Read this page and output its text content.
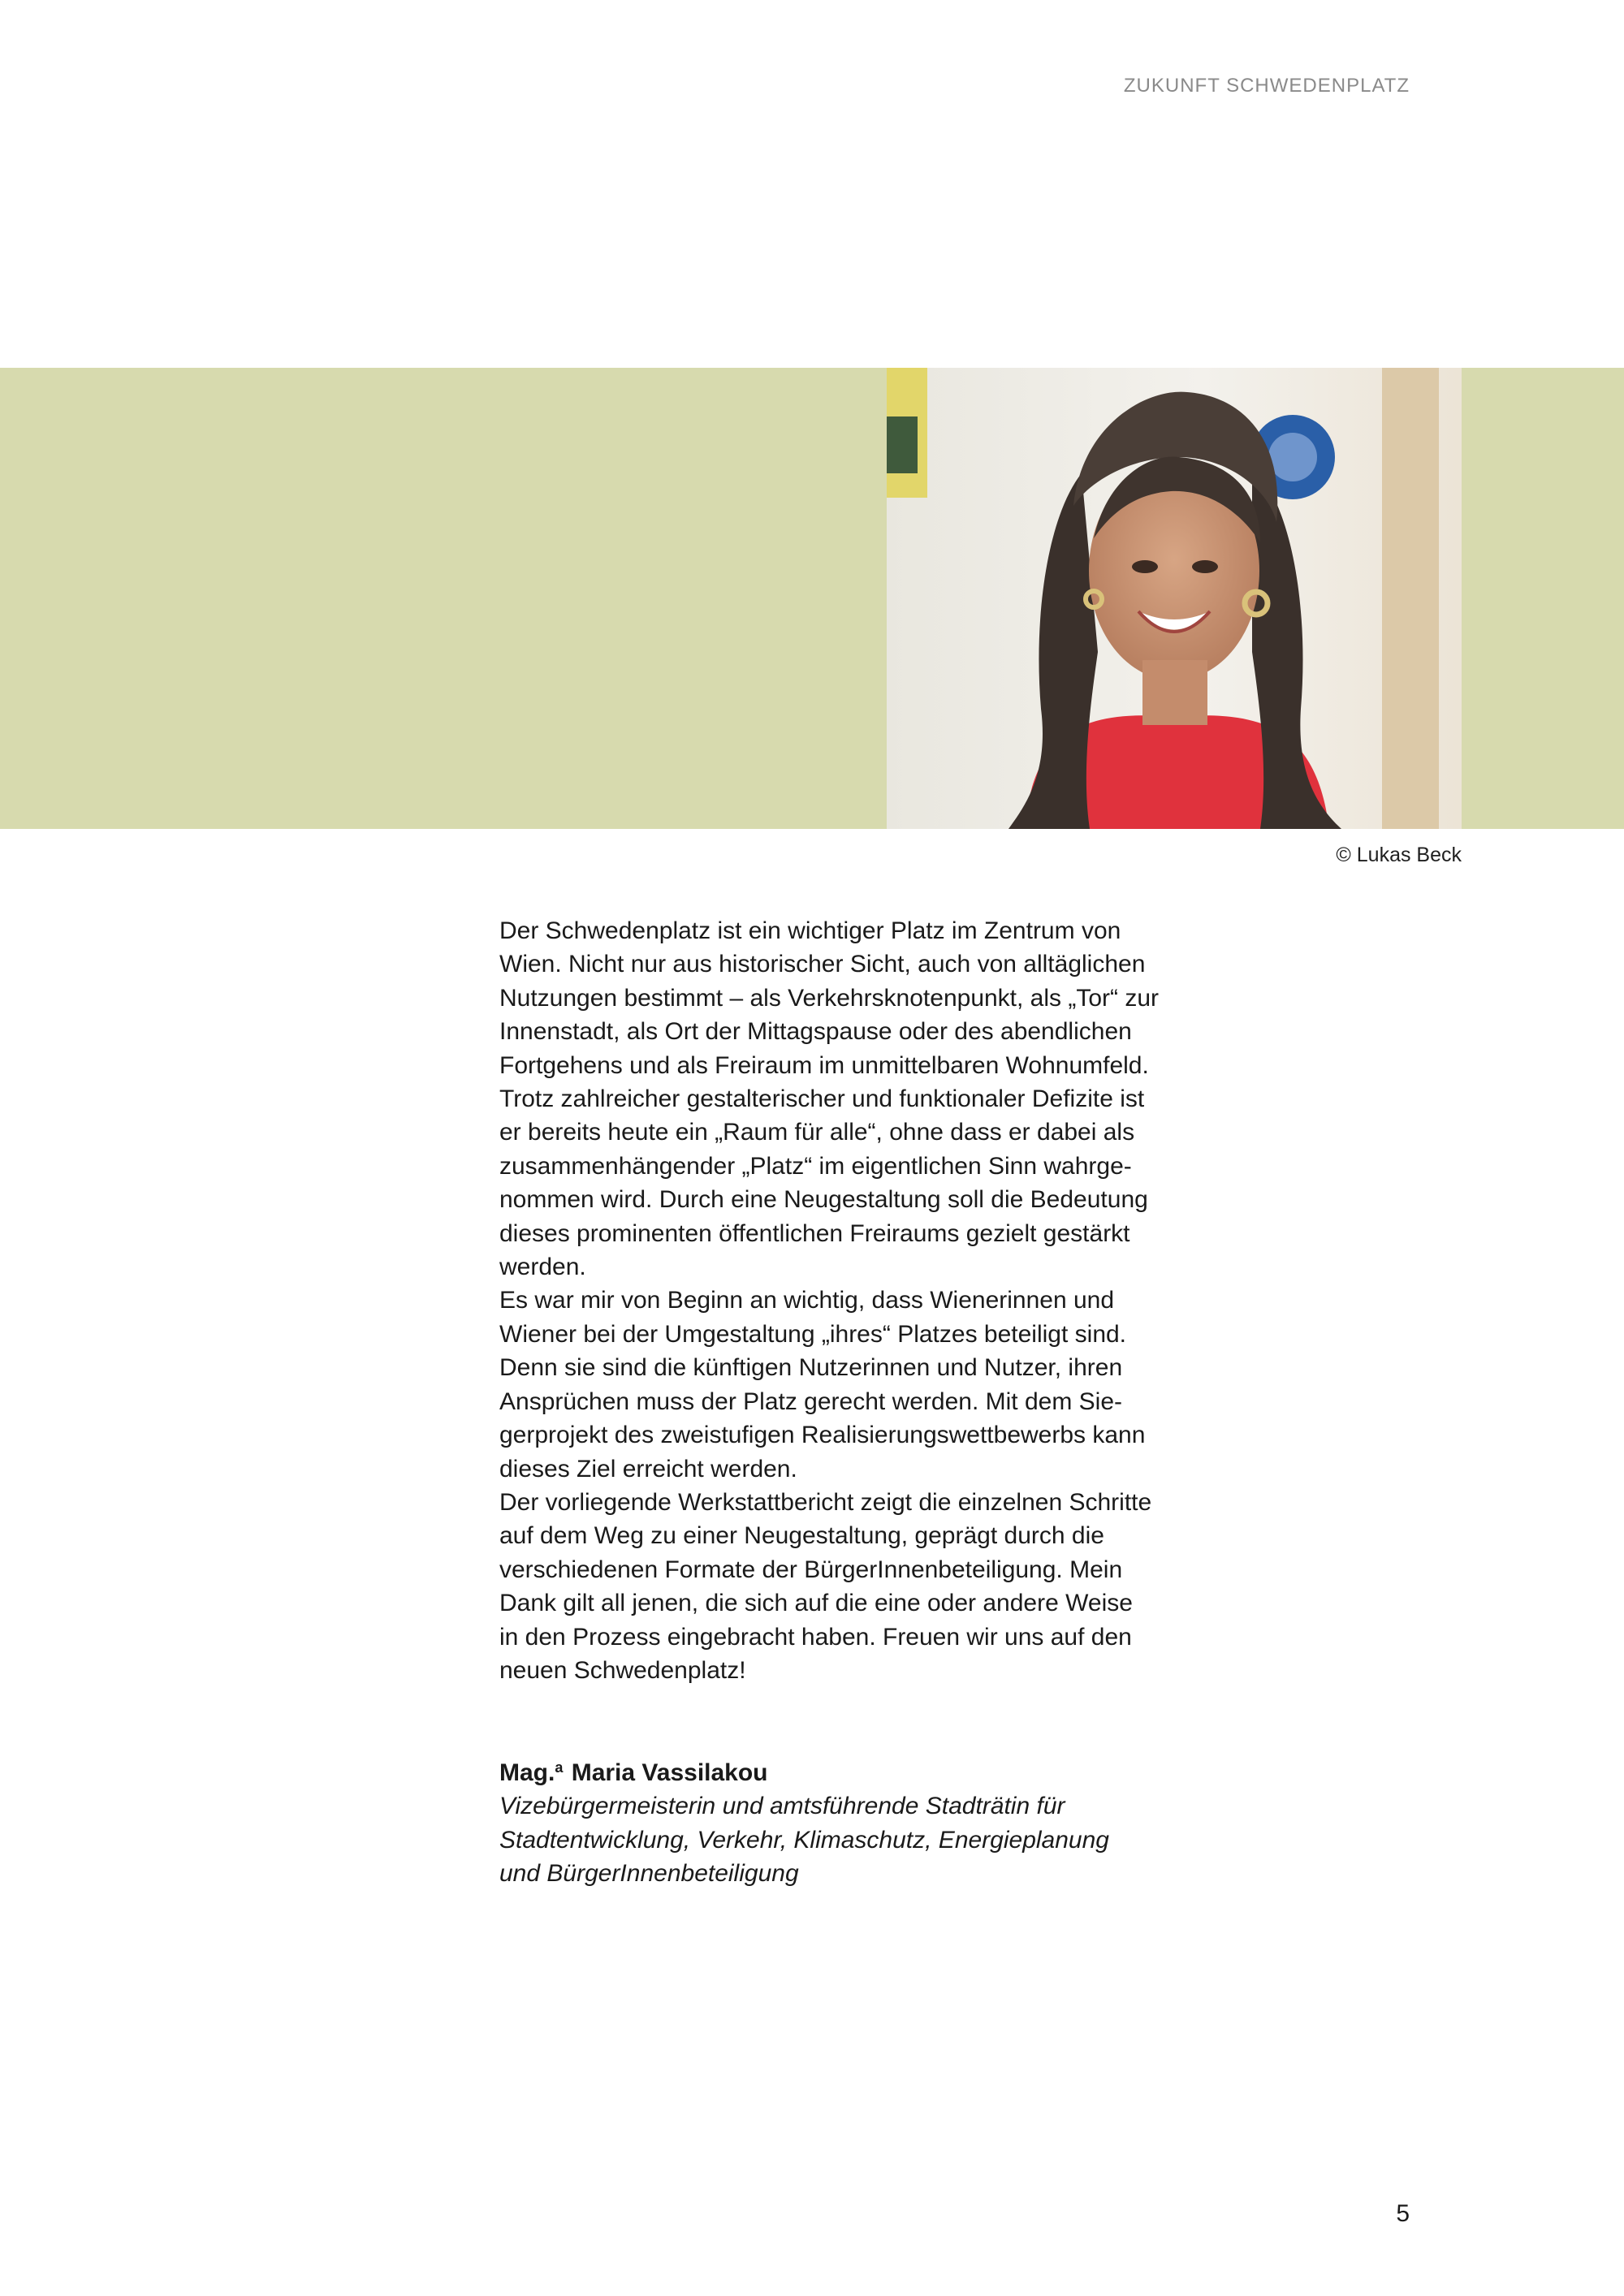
ZUKUNFT SCHWEDENPLATZ
© Lukas Beck
Der Schwedenplatz ist ein wichtiger Platz im Zentrum von
Wien. Nicht nur aus historischer Sicht, auch von alltäglichen
Nutzungen bestimmt – als Verkehrsknotenpunkt, als „Tor“ zur
Innenstadt, als Ort der Mittagspause oder des abendlichen
Fortgehens und als Freiraum im unmittelbaren Wohnumfeld.
Trotz zahlreicher gestalterischer und funktionaler Defizite ist
er bereits heute ein „Raum für alle“, ohne dass er dabei als
zusammenhängender „Platz“ im eigentlichen Sinn wahrge-
nommen wird. Durch eine Neugestaltung soll die Bedeutung
dieses prominenten öffentlichen Freiraums gezielt gestärkt
werden.
Es war mir von Beginn an wichtig, dass Wienerinnen und
Wiener bei der Umgestaltung „ihres“ Platzes beteiligt sind.
Denn sie sind die künftigen Nutzerinnen und Nutzer, ihren
Ansprüchen muss der Platz gerecht werden. Mit dem Sie-
gerprojekt des zweistufigen Realisierungswettbewerbs kann
dieses Ziel erreicht werden.
Der vorliegende Werkstattbericht zeigt die einzelnen Schritte
auf dem Weg zu einer Neugestaltung, geprägt durch die
verschiedenen Formate der BürgerInnenbeteiligung. Mein
Dank gilt all jenen, die sich auf die eine oder andere Weise
in den Prozess eingebracht haben. Freuen wir uns auf den
neuen Schwedenplatz!
Mag.$^a$ Maria Vassilakou
Vizebürgermeisterin und amtsführende Stadträtin für
Stadtentwicklung, Verkehr, Klimaschutz, Energieplanung
und BürgerInnenbeteiligung
5
